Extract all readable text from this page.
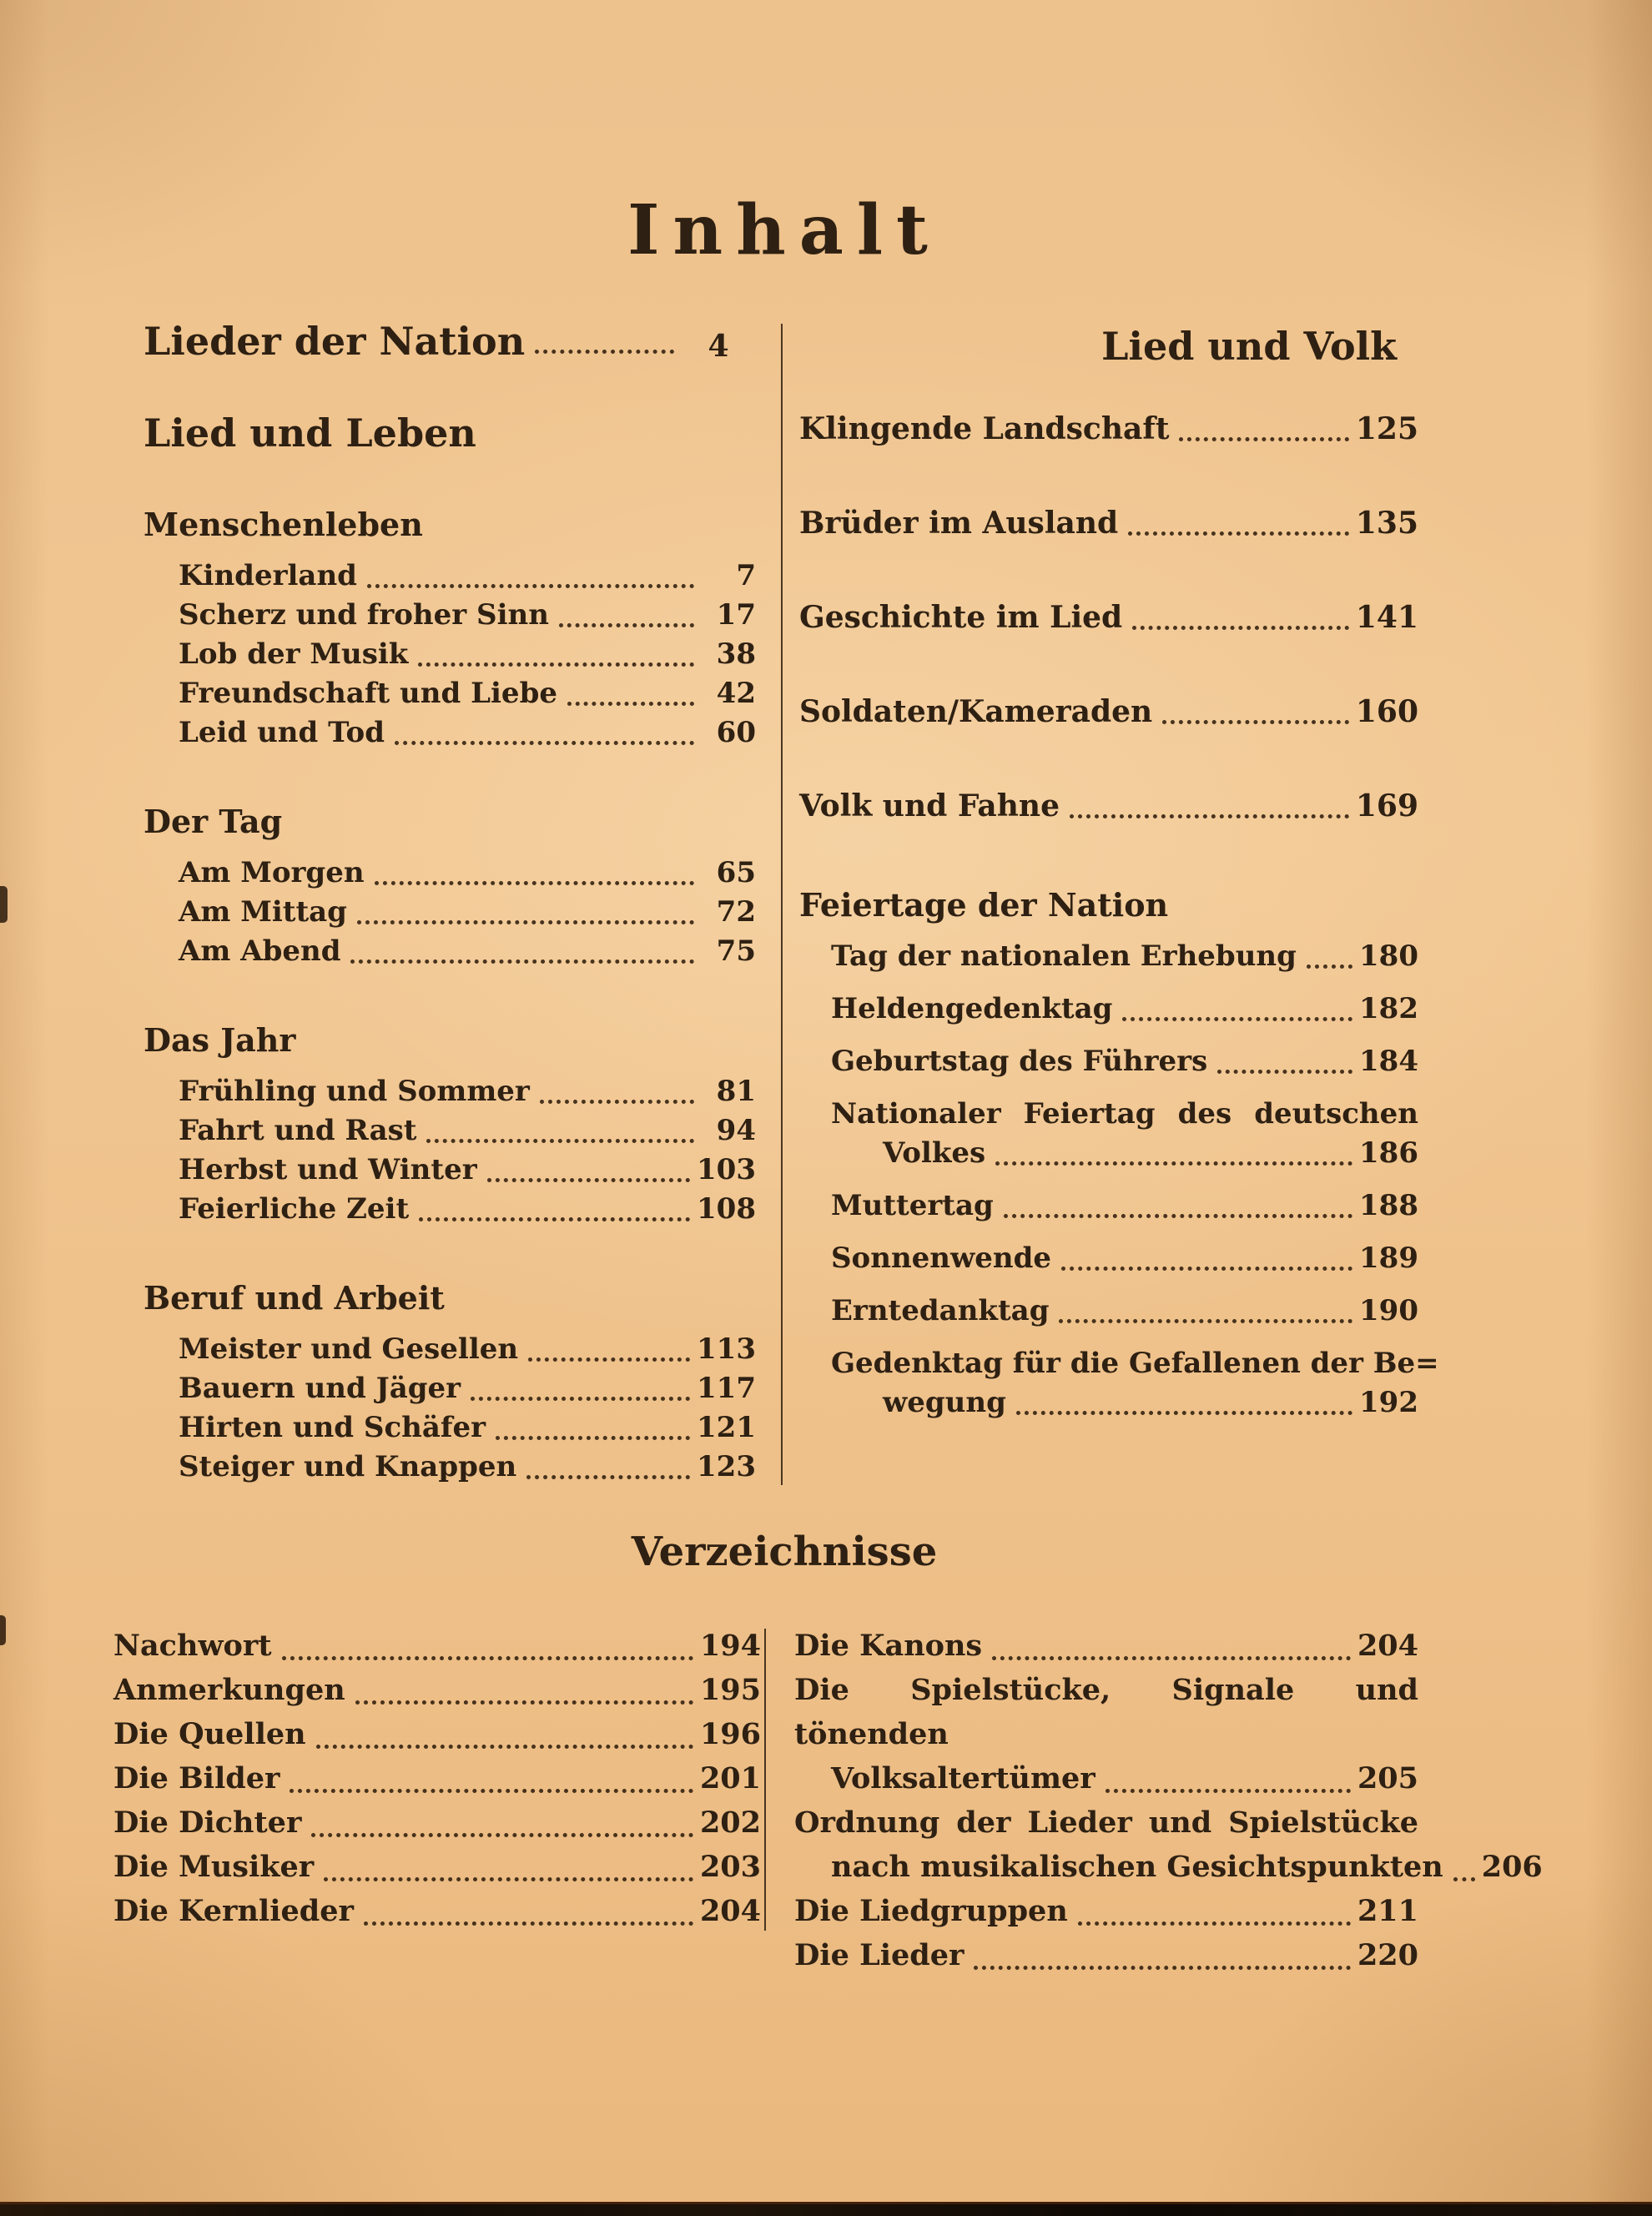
Inhalt
Lieder der Nation	4
Lied und Leben
Menschenleben
Kinderland	7
Scherz und froher Sinn	17
Lob der Musik	38
Freundschaft und Liebe	42
Leid und Tod	60
Der Tag
Am Morgen	65
Am Mittag	72
Am Abend	75
Das Jahr
Frühling und Sommer	81
Fahrt und Rast	94
Herbst und Winter	103
Feierliche Zeit	108
Beruf und Arbeit
Meister und Gesellen	113
Bauern und Jäger	117
Hirten und Schäfer	121
Steiger und Knappen	123
Lied und Volk
Klingende Landschaft	125
Brüder im Ausland	135
Geschichte im Lied	141
Soldaten/Kameraden	160
Volk und Fahne	169
Feiertage der Nation
Tag der nationalen Erhebung 180
Heldengedenktag	182
Geburtstag des Führers	184
Nationaler Feiertag des deutschen
Volkes	186
Muttertag	188
Sonnenwende	189
Erntedanktag	190
Gedenktag für die Gefallenen der Be=
wegung	192
Verzeichnisse
Nachwort	194
Anmerkungen	195
Die Quellen	196
Die Bilder	201
Die Dichter	202
Die Musiker	203
Die Kernlieder	204
Die Kanons	204
Die Spielstücke, Signale und tönenden
Volksaltertümer	205
Ordnung der Lieder und Spielstücke
nach musikalischen Gesichtspunkten 206
Die Liedgruppen	211
Die Lieder	220
